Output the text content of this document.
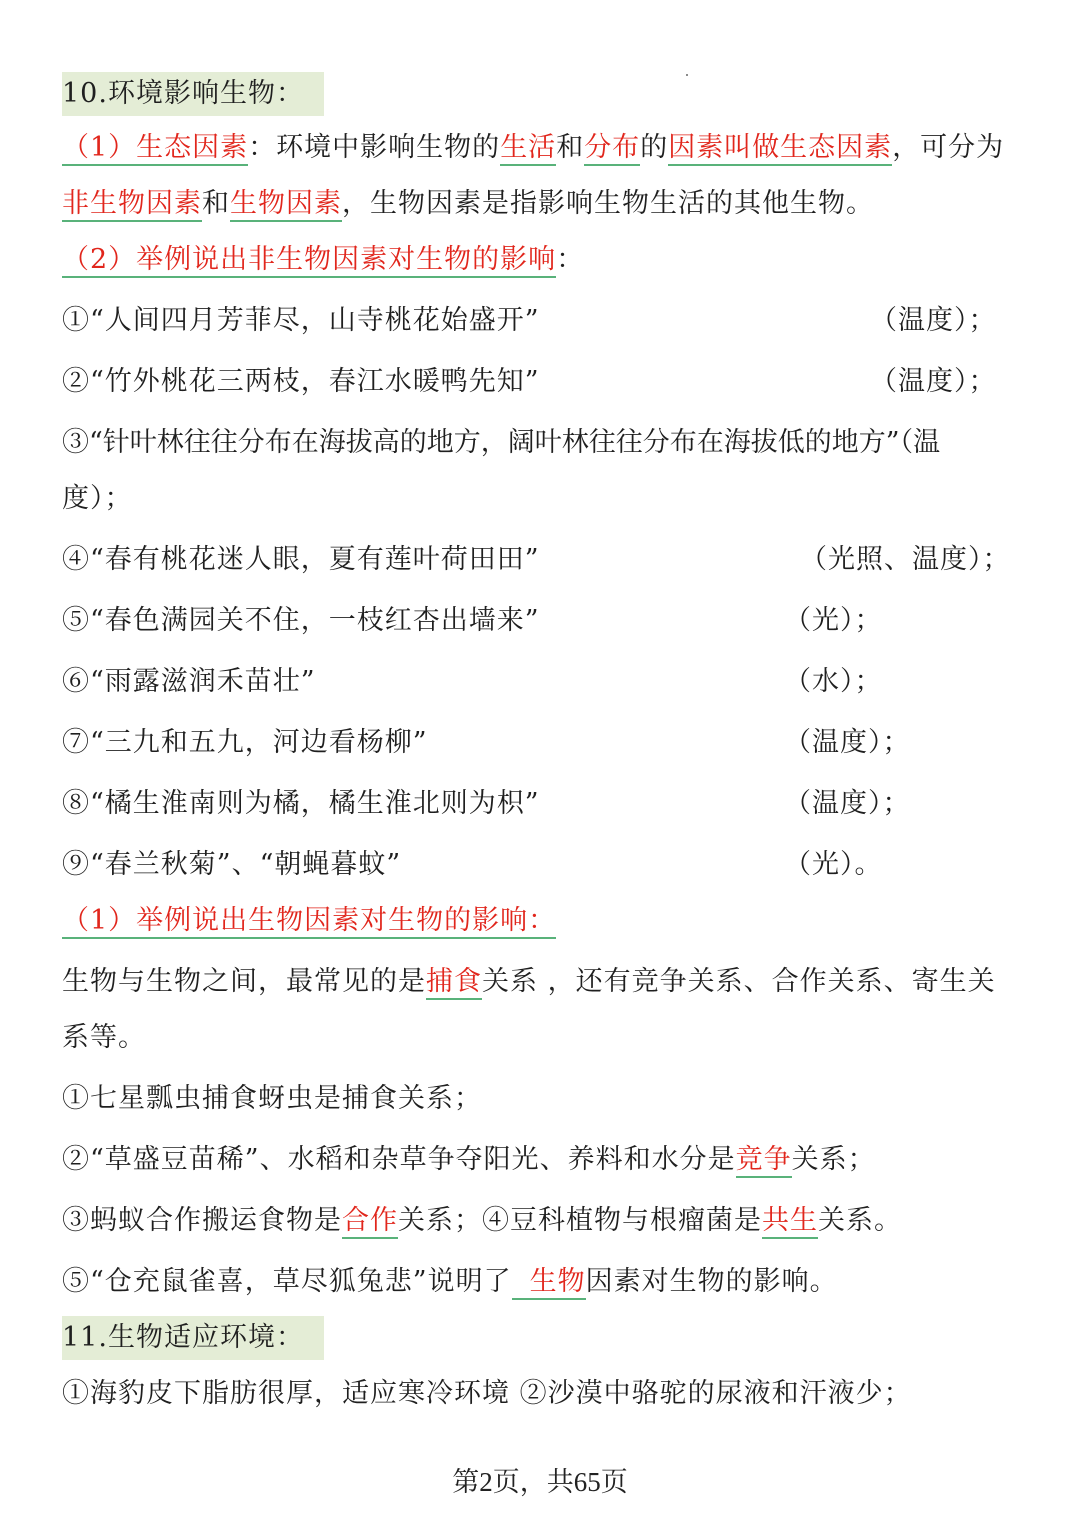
10.环境影响生物：
（1）生态因素：环境中影响生物的生活和分布的因素叫做生态因素，可分为
非生物因素和生物因素，生物因素是指影响生物生活的其他生物。
（2）举例说出非生物因素对生物的影响：
①“人间四月芳菲尽，山寺桃花始盛开”	（温度）；
②“竹外桃花三两枝，春江水暖鸭先知”	（温度）；
③“针叶林往往分布在海拔高的地方，阔叶林往往分布在海拔低的地方”（温
度）；
④“春有桃花迷人眼，夏有莲叶荷田田”	（光照、温度）；
⑤“春色满园关不住，一枝红杏出墙来”	（光）；
⑥“雨露滋润禾苗壮”	（水）；
⑦“三九和五九，河边看杨柳”	（温度）；
⑧“橘生淮南则为橘，橘生淮北则为枳”	（温度）；
⑨“春兰秋菊”、“朝蝇暮蚊”	（光）。
（1）举例说出生物因素对生物的影响：
生物与生物之间，最常见的是捕食关系 ，还有竞争关系、合作关系、寄生关
系等。
①七星瓢虫捕食蚜虫是捕食关系；
②“草盛豆苗稀”、水稻和杂草争夺阳光、养料和水分是竞争关系；
③蚂蚁合作搬运食物是合作关系；④豆科植物与根瘤菌是共生关系。
⑤“仓充鼠雀喜，草尽狐兔悲”说明了 生物因素对生物的影响。
11.生物适应环境：
①海豹皮下脂肪很厚，适应寒冷环境 ②沙漠中骆驼的尿液和汗液少；
第2页，共65页
